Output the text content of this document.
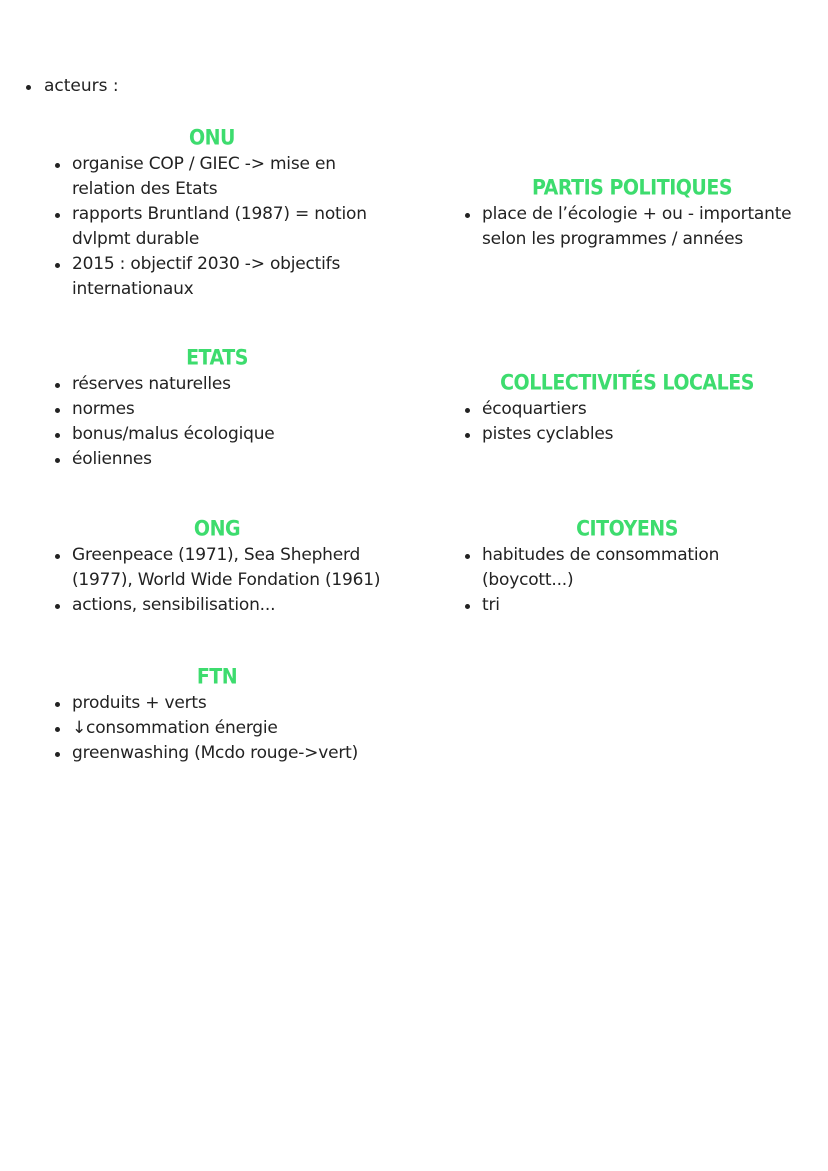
acteurs :
ONU
organise COP / GIEC -> mise en relation des Etats
rapports Bruntland (1987) = notion dvlpmt durable
2015 : objectif 2030 -> objectifs internationaux
PARTIS POLITIQUES
place de l’écologie + ou - importante selon les programmes / années
ETATS
réserves naturelles
normes
bonus/malus écologique
éoliennes
COLLECTIVITÉS LOCALES
écoquartiers
pistes cyclables
ONG
Greenpeace (1971), Sea Shepherd (1977), World Wide Fondation (1961)
actions, sensibilisation...
CITOYENS
habitudes de consommation (boycott...)
tri
FTN
produits + verts
↓consommation énergie
greenwashing (Mcdo rouge->vert)
